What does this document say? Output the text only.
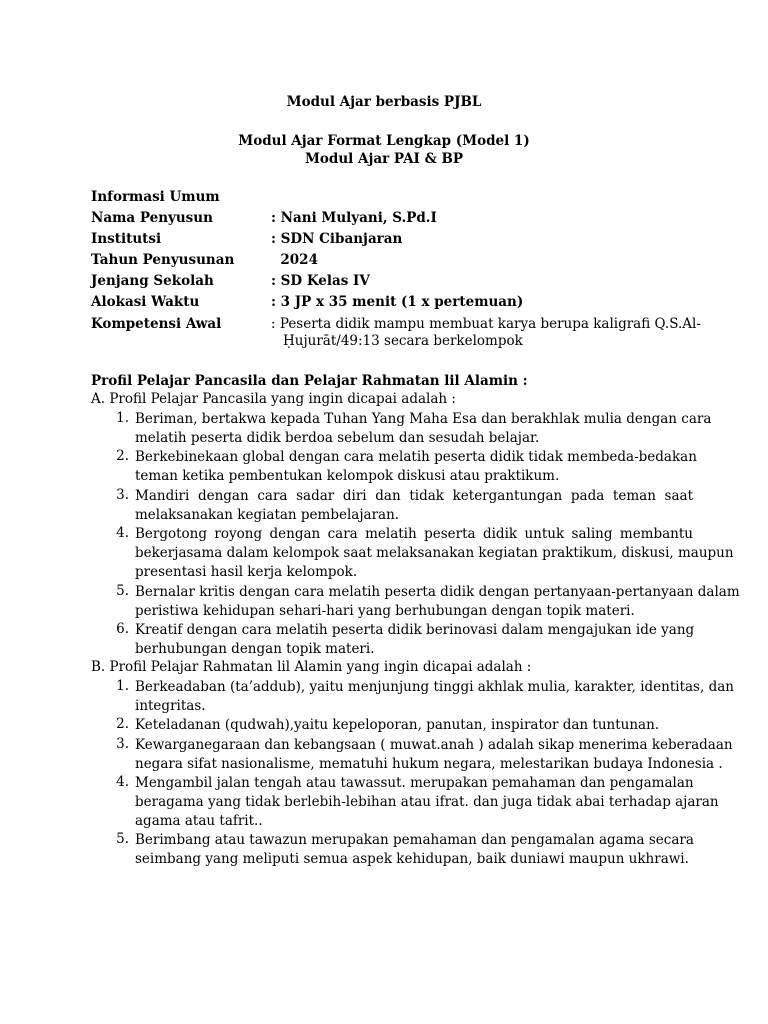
Modul Ajar berbasis PJBL
Modul Ajar Format Lengkap (Model 1)
Modul Ajar PAI & BP
Informasi Umum
Nama Penyusun	: Nani Mulyani, S.Pd.I
Institutsi	: SDN Cibanjaran
Tahun Penyusunan	2024
Jenjang Sekolah	: SD Kelas IV
Alokasi Waktu	: 3 JP x 35 menit (1 x pertemuan)
Kompetensi Awal	: Peserta didik mampu membuat karya berupa kaligrafi Q.S.Al-
Ḥujurāt/49:13 secara berkelompok
Profil Pelajar Pancasila dan Pelajar Rahmatan lil Alamin :
A. Profil Pelajar Pancasila yang ingin dicapai adalah :
1. Beriman, bertakwa kepada Tuhan Yang Maha Esa dan berakhlak mulia dengan cara
melatih peserta didik berdoa sebelum dan sesudah belajar.
2. Berkebinekaan global dengan cara melatih peserta didik tidak membeda-bedakan
teman ketika pembentukan kelompok diskusi atau praktikum.
3. Mandiri dengan cara sadar diri dan tidak ketergantungan pada teman saat
melaksanakan kegiatan pembelajaran.
4. Bergotong royong dengan cara melatih peserta didik untuk saling membantu
bekerjasama dalam kelompok saat melaksanakan kegiatan praktikum, diskusi, maupun
presentasi hasil kerja kelompok.
5. Bernalar kritis dengan cara melatih peserta didik dengan pertanyaan-pertanyaan dalam
peristiwa kehidupan sehari-hari yang berhubungan dengan topik materi.
6. Kreatif dengan cara melatih peserta didik berinovasi dalam mengajukan ide yang
berhubungan dengan topik materi.
B. Profil Pelajar Rahmatan lil Alamin yang ingin dicapai adalah :
1. Berkeadaban (ta’addub), yaitu menjunjung tinggi akhlak mulia, karakter, identitas, dan
integritas.
2. Keteladanan (qudwah),yaitu kepeloporan, panutan, inspirator dan tuntunan.
3. Kewarganegaraan dan kebangsaan ( muwat.anah ) adalah sikap menerima keberadaan
negara sifat nasionalisme, mematuhi hukum negara, melestarikan budaya Indonesia .
4. Mengambil jalan tengah atau tawassut. merupakan pemahaman dan pengamalan
beragama yang tidak berlebih-lebihan atau ifrat. dan juga tidak abai terhadap ajaran
agama atau tafrit..
5. Berimbang atau tawazun merupakan pemahaman dan pengamalan agama secara
seimbang yang meliputi semua aspek kehidupan, baik duniawi maupun ukhrawi.
